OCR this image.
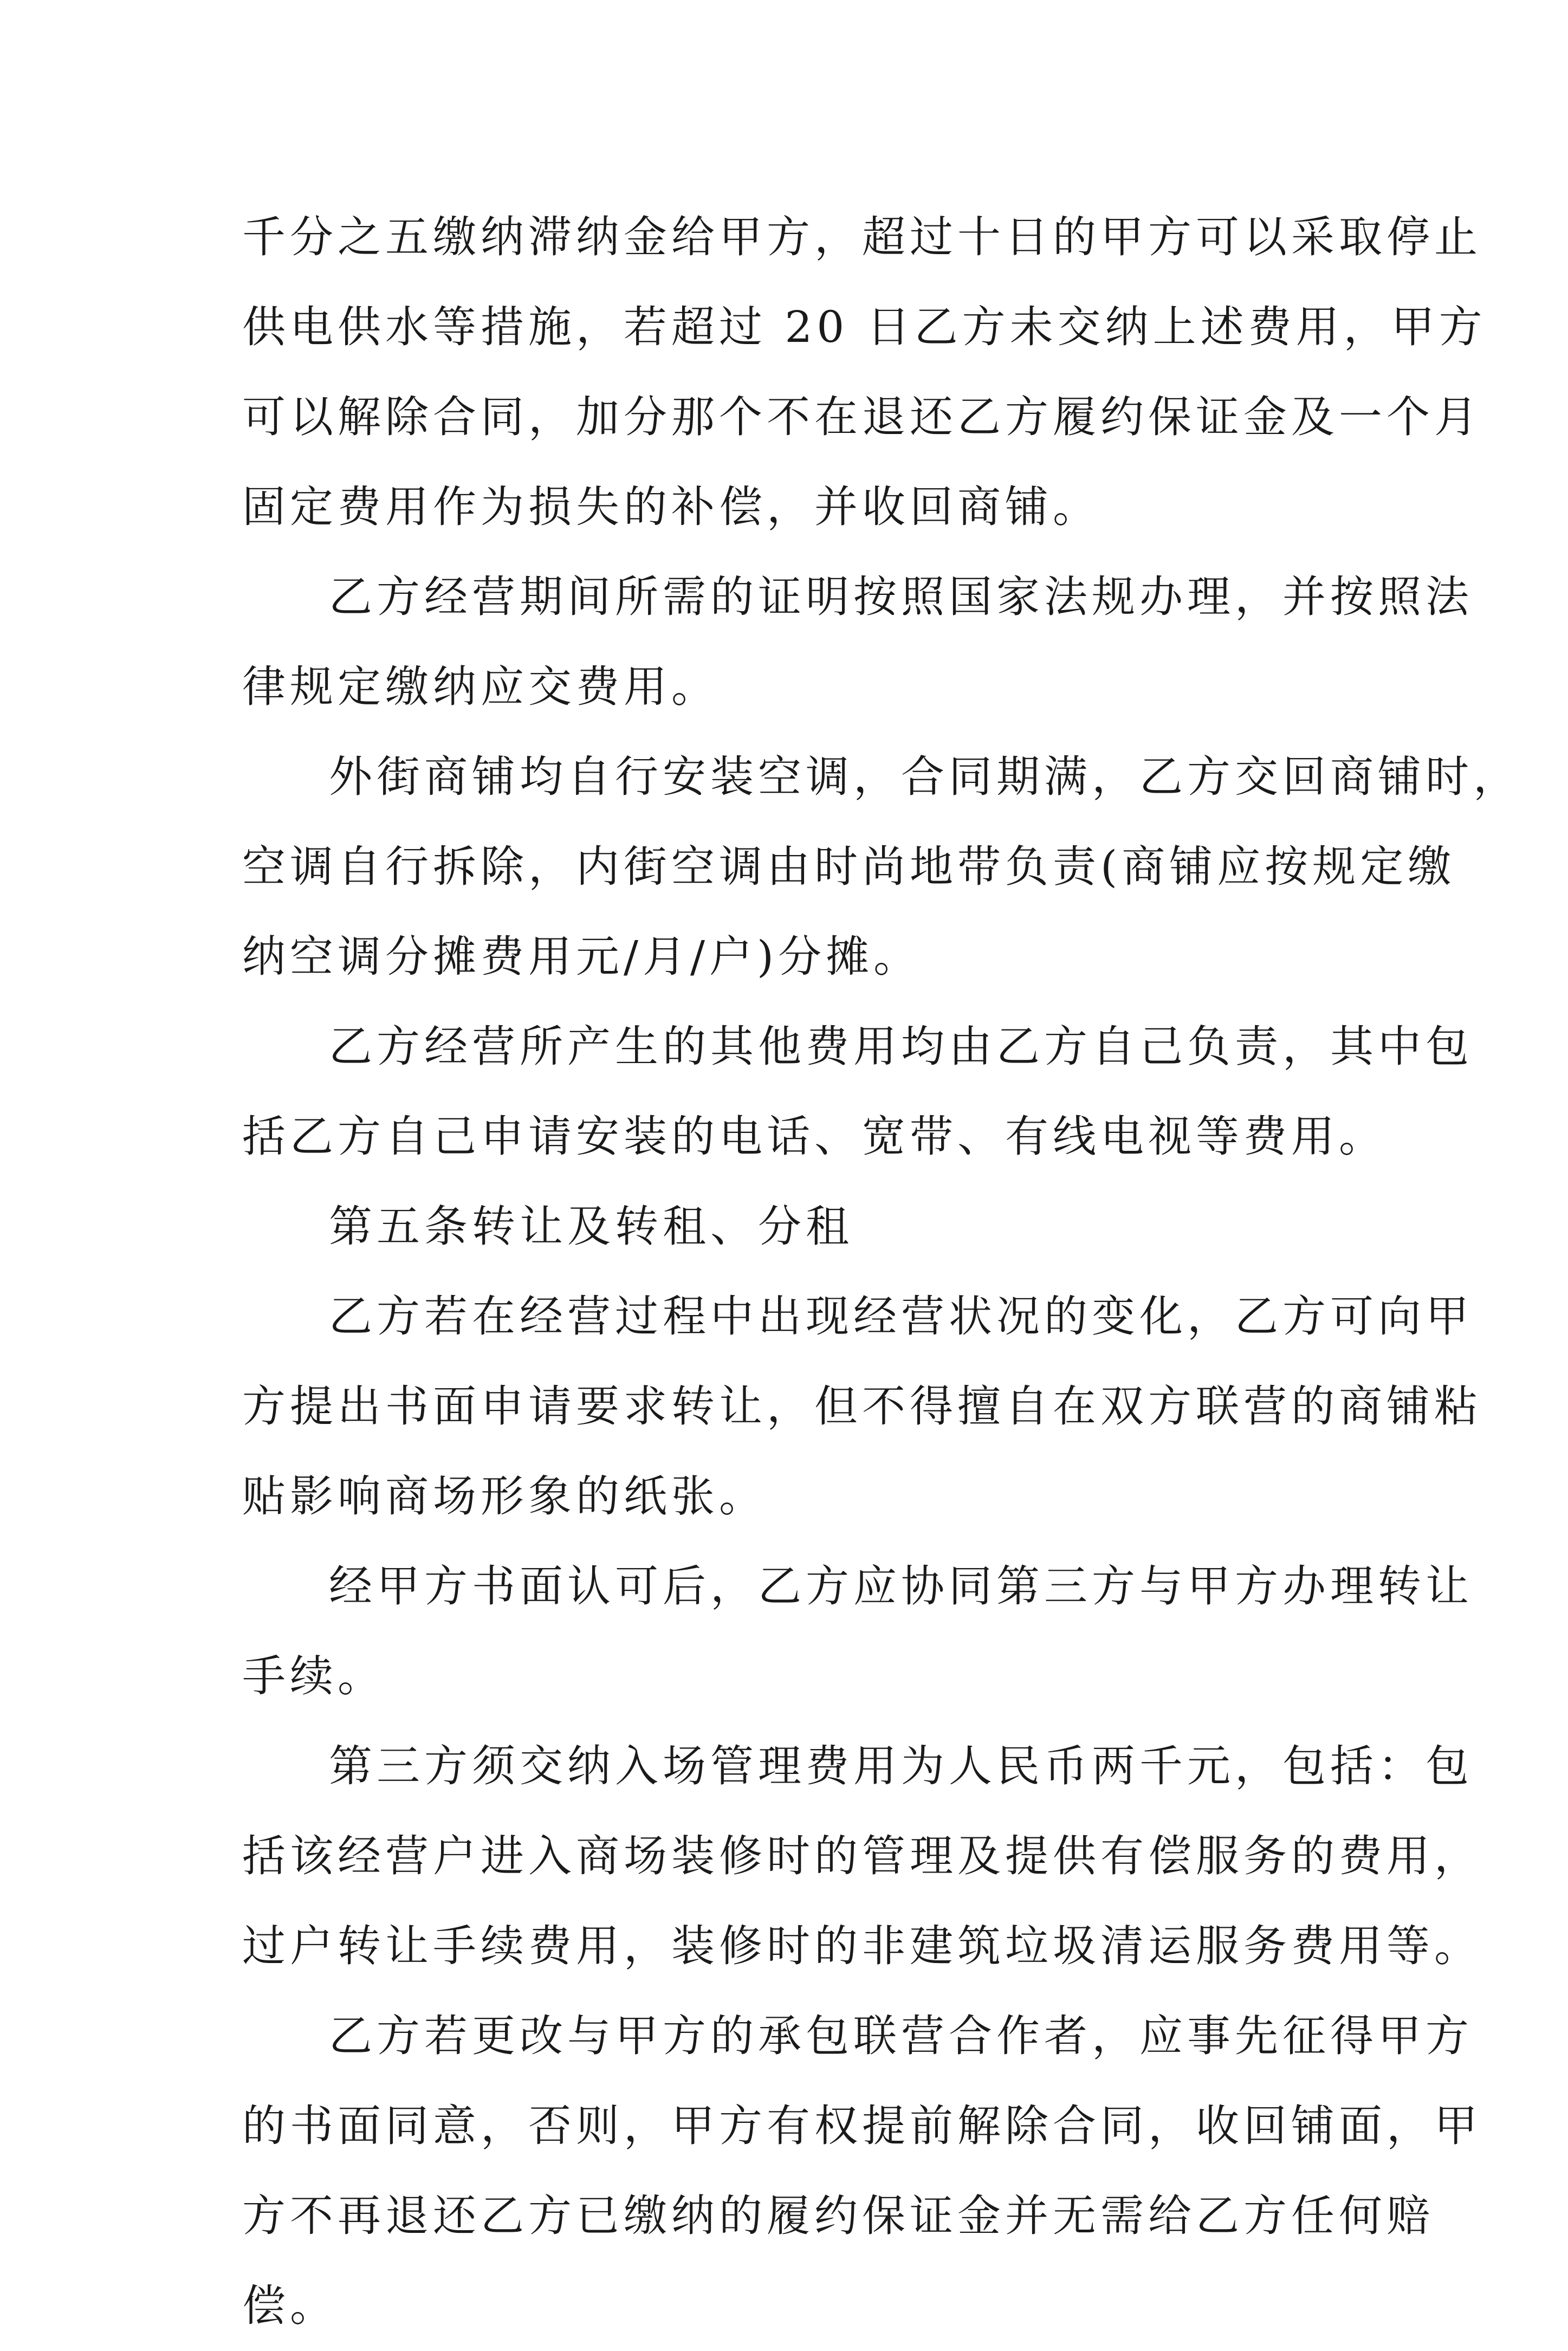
千分之五缴纳滞纳金给甲方，超过十日的甲方可以采取停止
供电供水等措施，若超过 20 日乙方未交纳上述费用，甲方
可以解除合同，加分那个不在退还乙方履约保证金及一个月
固定费用作为损失的补偿，并收回商铺。
乙方经营期间所需的证明按照国家法规办理，并按照法
律规定缴纳应交费用。
外街商铺均自行安装空调，合同期满，乙方交回商铺时，
空调自行拆除，内街空调由时尚地带负责(商铺应按规定缴
纳空调分摊费用元/月/户)分摊。
乙方经营所产生的其他费用均由乙方自己负责，其中包
括乙方自己申请安装的电话、宽带、有线电视等费用。
第五条转让及转租、分租
乙方若在经营过程中出现经营状况的变化，乙方可向甲
方提出书面申请要求转让，但不得擅自在双方联营的商铺粘
贴影响商场形象的纸张。
经甲方书面认可后，乙方应协同第三方与甲方办理转让
手续。
第三方须交纳入场管理费用为人民币两千元，包括：包
括该经营户进入商场装修时的管理及提供有偿服务的费用，
过户转让手续费用，装修时的非建筑垃圾清运服务费用等。
乙方若更改与甲方的承包联营合作者，应事先征得甲方
的书面同意，否则，甲方有权提前解除合同，收回铺面，甲
方不再退还乙方已缴纳的履约保证金并无需给乙方任何赔
偿。
